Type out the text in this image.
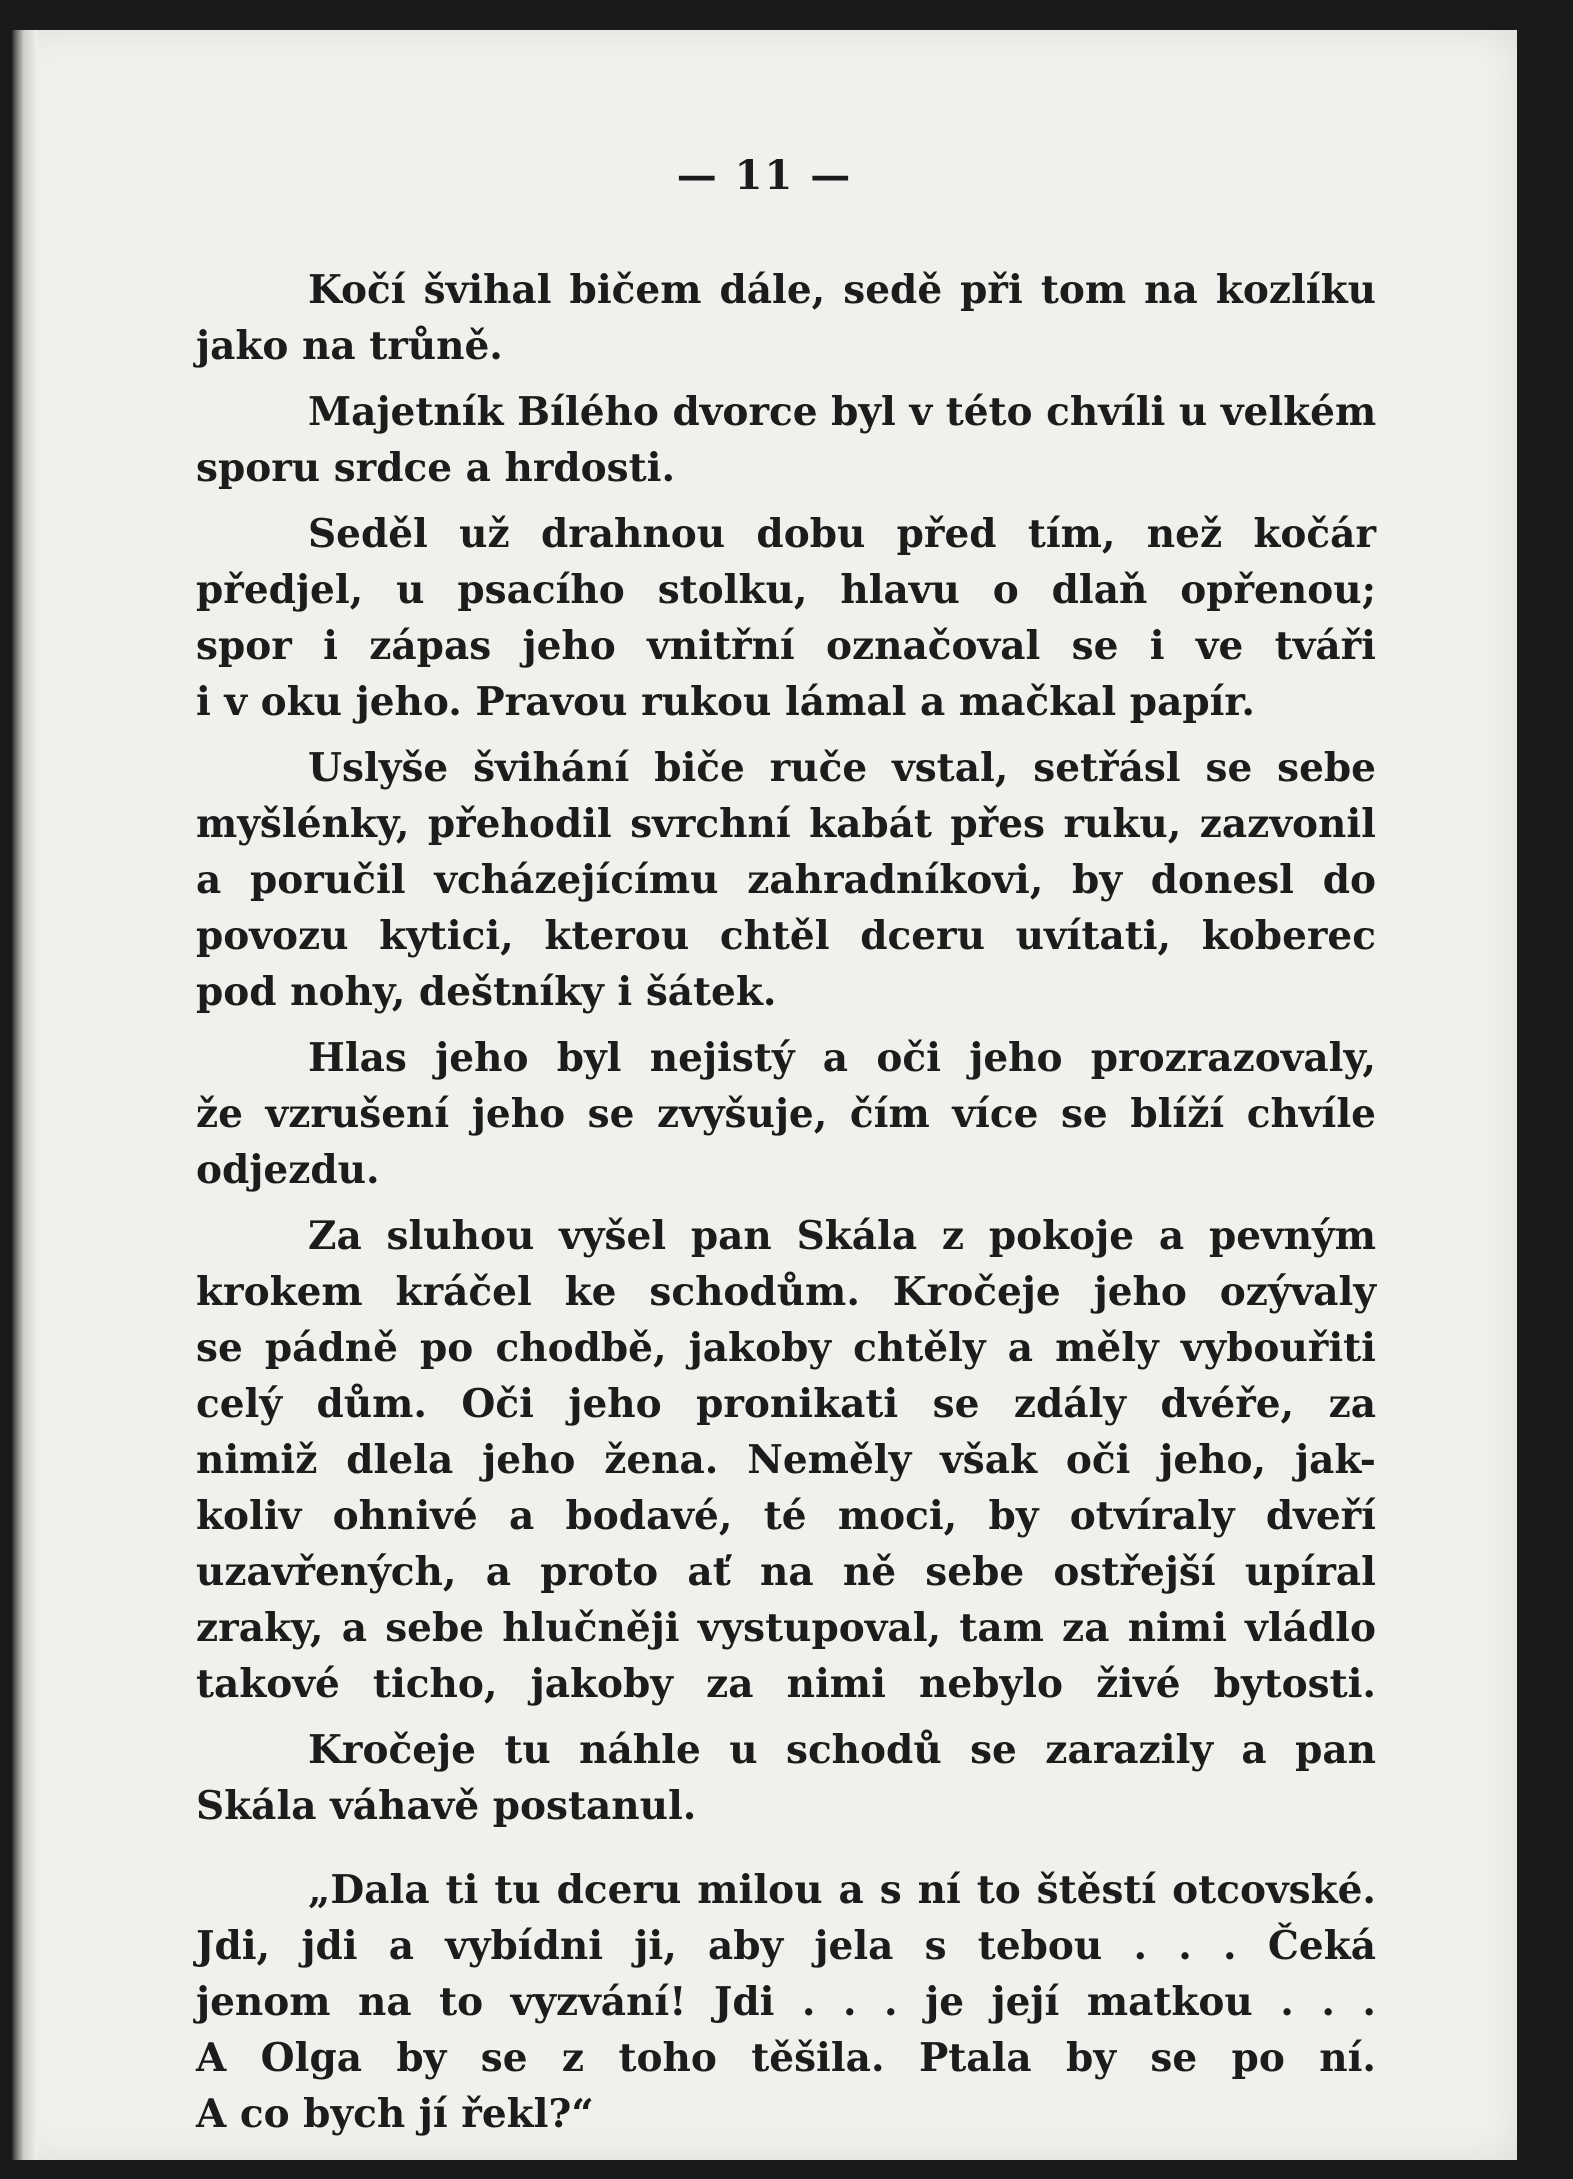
— 11 —
Kočí švihal bičem dále, sedě při tom na kozlíku
jako na trůně.
Majetník Bílého dvorce byl v této chvíli u velkém
sporu srdce a hrdosti.
Seděl už drahnou dobu před tím, než kočár
předjel, u psacího stolku, hlavu o dlaň opřenou;
spor i zápas jeho vnitřní označoval se i ve tváři
i v oku jeho. Pravou rukou lámal a mačkal papír.
Uslyše švihání biče ruče vstal, setřásl se sebe
myšlénky, přehodil svrchní kabát přes ruku, zazvonil
a poručil vcházejícímu zahradníkovi, by donesl do
povozu kytici, kterou chtěl dceru uvítati, koberec
pod nohy, deštníky i šátek.
Hlas jeho byl nejistý a oči jeho prozrazovaly,
že vzrušení jeho se zvyšuje, čím více se blíží chvíle
odjezdu.
Za sluhou vyšel pan Skála z pokoje a pevným
krokem kráčel ke schodům. Kročeje jeho ozývaly
se pádně po chodbě, jakoby chtěly a měly vybouřiti
celý dům. Oči jeho pronikati se zdály dvéře, za
nimiž dlela jeho žena. Neměly však oči jeho, jak-
koliv ohnivé a bodavé, té moci, by otvíraly dveří
uzavřených, a proto ať na ně sebe ostřejší upíral
zraky, a sebe hlučněji vystupoval, tam za nimi vládlo
takové ticho, jakoby za nimi nebylo živé bytosti.
Kročeje tu náhle u schodů se zarazily a pan
Skála váhavě postanul.
„Dala ti tu dceru milou a s ní to štěstí otcovské.
Jdi, jdi a vybídni ji, aby jela s tebou . . . Čeká
jenom na to vyzvání! Jdi . . . je její matkou . . .
A Olga by se z toho těšila. Ptala by se po ní.
A co bych jí řekl?“
